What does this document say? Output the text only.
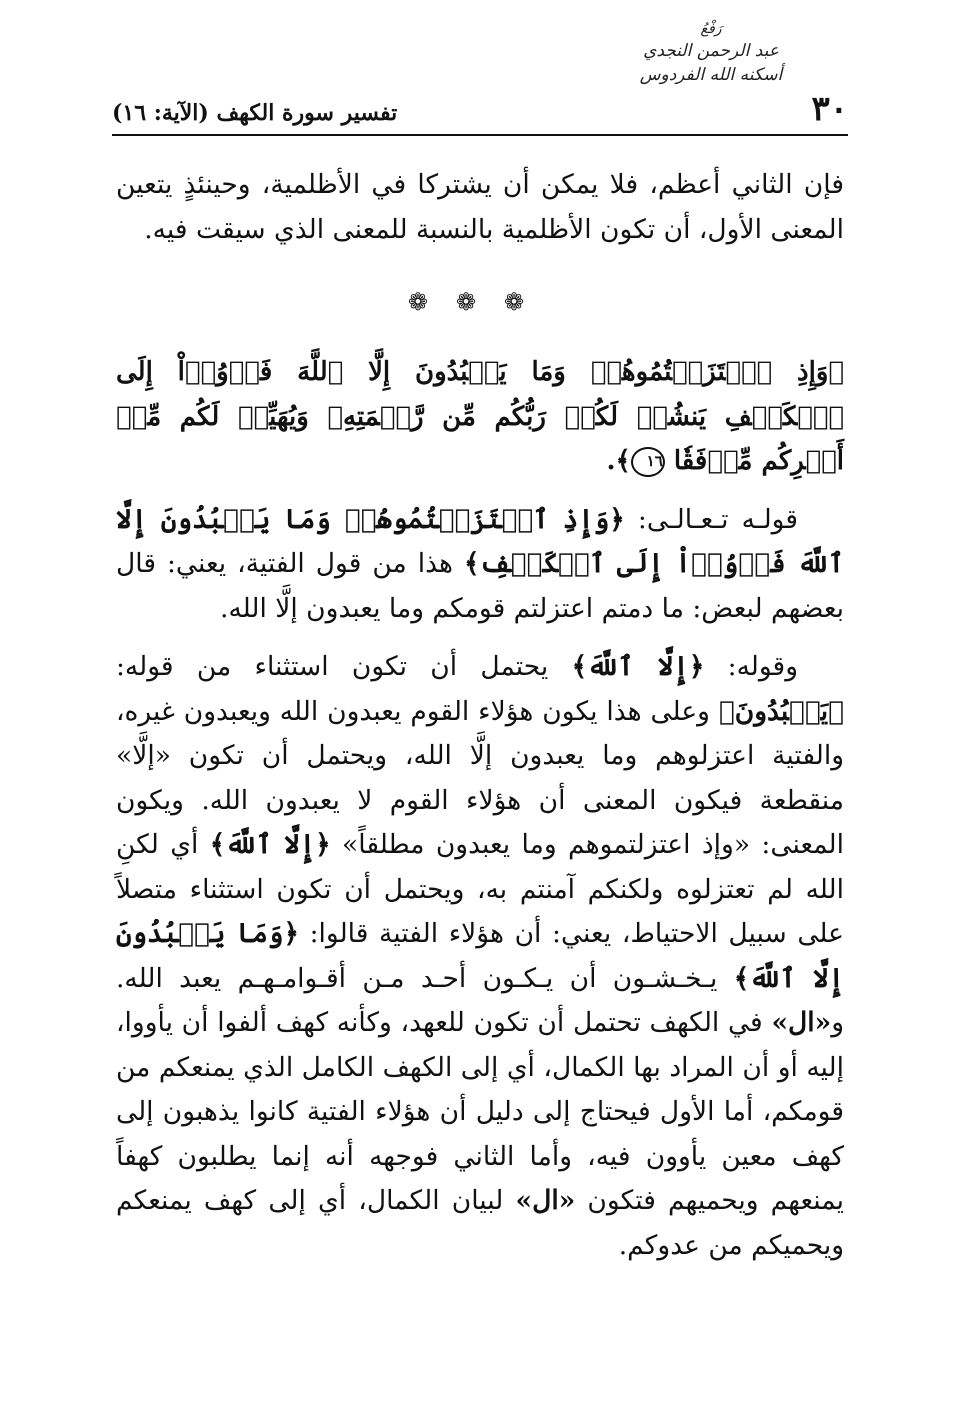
٣٠
رَفْعُ
عبد الرحمن النجدي
أسكنه الله الفردوس
تفسير سورة الكهف (الآية: ١٦)

فإن الثاني أعظم، فلا يمكن أن يشتركا في الأظلمية، وحينئذٍ يتعين المعنى الأول، أن تكون الأظلمية بالنسبة للمعنى الذي سيقت فيه.

❁❁❁

﴿وَإِذِ ٱعۡتَزَلۡتُمُوهُمۡ وَمَا يَعۡبُدُونَ إِلَّا ٱللَّهَ فَأۡوُۥٓاْ إِلَى ٱلۡكَهۡفِ يَنشُرۡ لَكُمۡ رَبُّكُم مِّن رَّحۡمَتِهِۦ وَيُهَيِّئۡ لَكُم مِّنۡ أَمۡرِكُم مِّرۡفَقٗا ١٦﴾.

قولـه تـعـالـى: ﴿وَإِذِ ٱعۡتَزَلۡتُمُوهُمۡ وَمَا يَعۡبُدُونَ إِلَّا ٱللَّهَ فَأۡوُۥٓاْ إِلَى ٱلۡكَهۡفِ﴾ هذا من قول الفتية، يعني: قال بعضهم لبعض: ما دمتم اعتزلتم قومكم وما يعبدون إلَّا الله.

وقوله: ﴿إِلَّا ٱللَّهَ﴾ يحتمل أن تكون استثناء من قوله: ﴿يَعۡبُدُونَ﴾ وعلى هذا يكون هؤلاء القوم يعبدون الله ويعبدون غيره، والفتية اعتزلوهم وما يعبدون إلَّا الله، ويحتمل أن تكون «إلَّا» منقطعة فيكون المعنى أن هؤلاء القوم لا يعبدون الله. ويكون المعنى: «وإذ اعتزلتموهم وما يعبدون مطلقاً» ﴿إِلَّا ٱللَّهَ﴾ أي لكنِ الله لم تعتزلوه ولكنكم آمنتم به، ويحتمل أن تكون استثناء متصلاً على سبيل الاحتياط، يعني: أن هؤلاء الفتية قالوا: ﴿وَمَا يَعۡبُدُونَ إِلَّا ٱللَّهَ﴾ يـخـشـون أن يـكـون أحـد مـن أقـوامـهـم يعبد الله. و«ال» في الكهف تحتمل أن تكون للعهد، وكأنه كهف ألفوا أن يأووا، إليه أو أن المراد بها الكمال، أي إلى الكهف الكامل الذي يمنعكم من قومكم، أما الأول فيحتاج إلى دليل أن هؤلاء الفتية كانوا يذهبون إلى كهف معين يأوون فيه، وأما الثاني فوجهه أنه إنما يطلبون كهفاً يمنعهم ويحميهم فتكون «ال» لبيان الكمال، أي إلى كهف يمنعكم ويحميكم من عدوكم.
